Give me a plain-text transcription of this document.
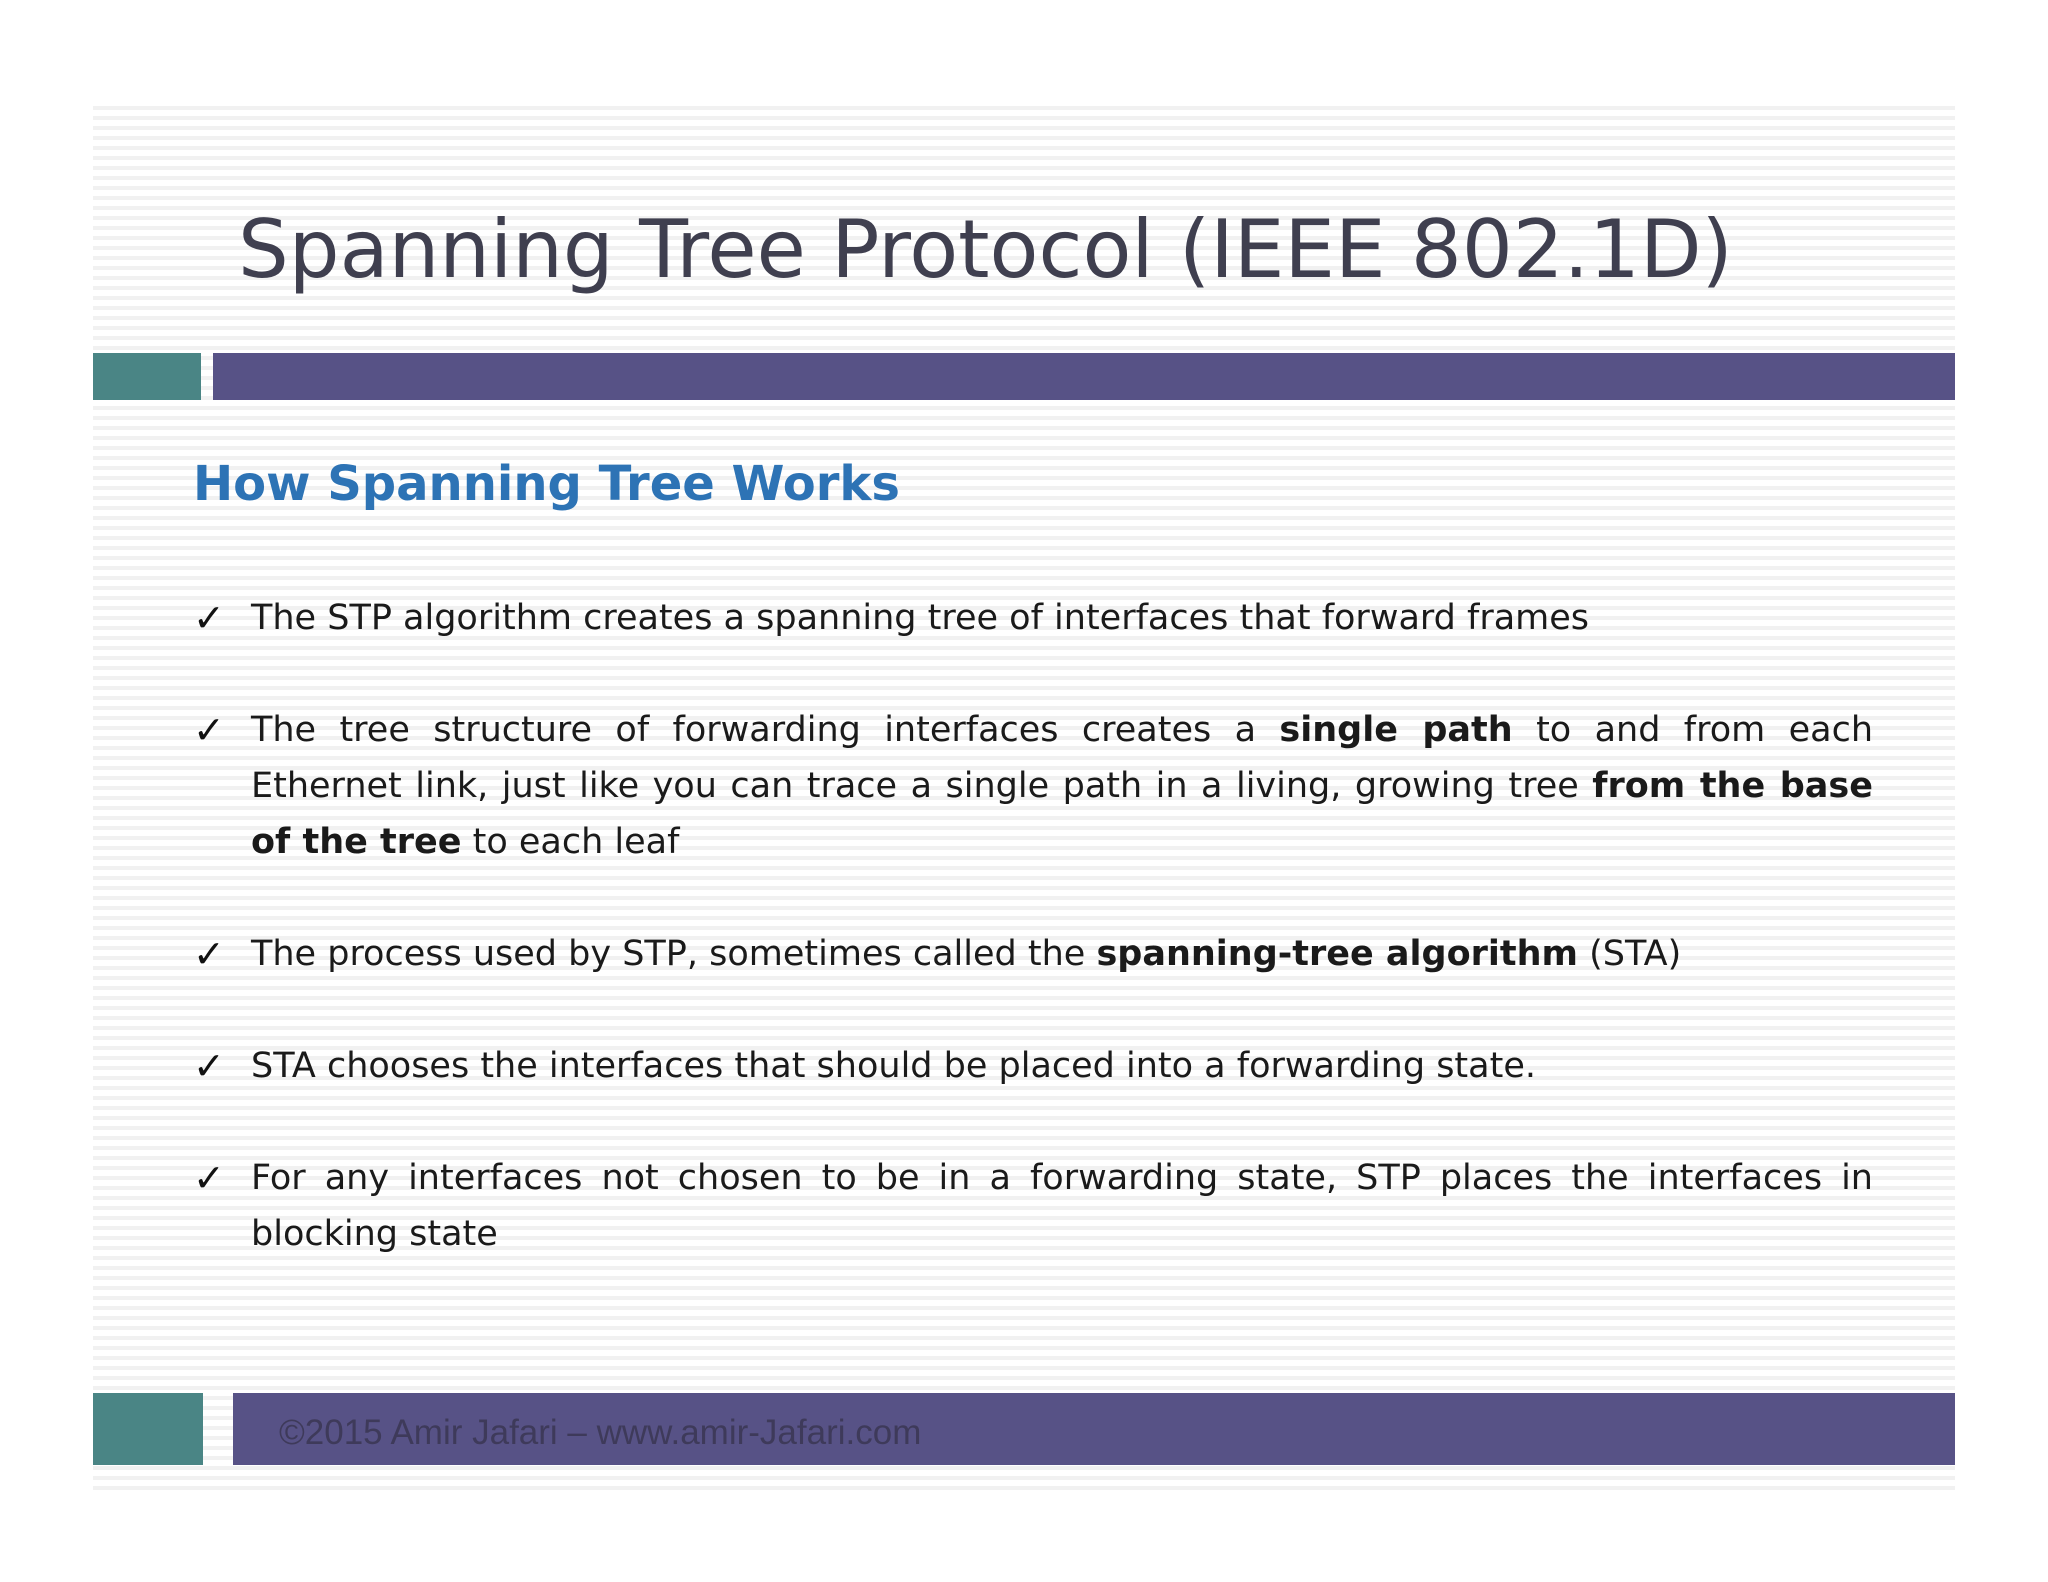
Spanning Tree Protocol (IEEE 802.1D)
How Spanning Tree Works
✓ The STP algorithm creates a spanning tree of interfaces that forward frames
✓ The tree structure of forwarding interfaces creates a single path to and from each Ethernet link, just like you can trace a single path in a living, growing tree from the base of the tree to each leaf
✓ The process used by STP, sometimes called the spanning-tree algorithm (STA)
✓ STA chooses the interfaces that should be placed into a forwarding state.
✓ For any interfaces not chosen to be in a forwarding state, STP places the interfaces in blocking state
©2015 Amir Jafari – www.amir-Jafari.com
